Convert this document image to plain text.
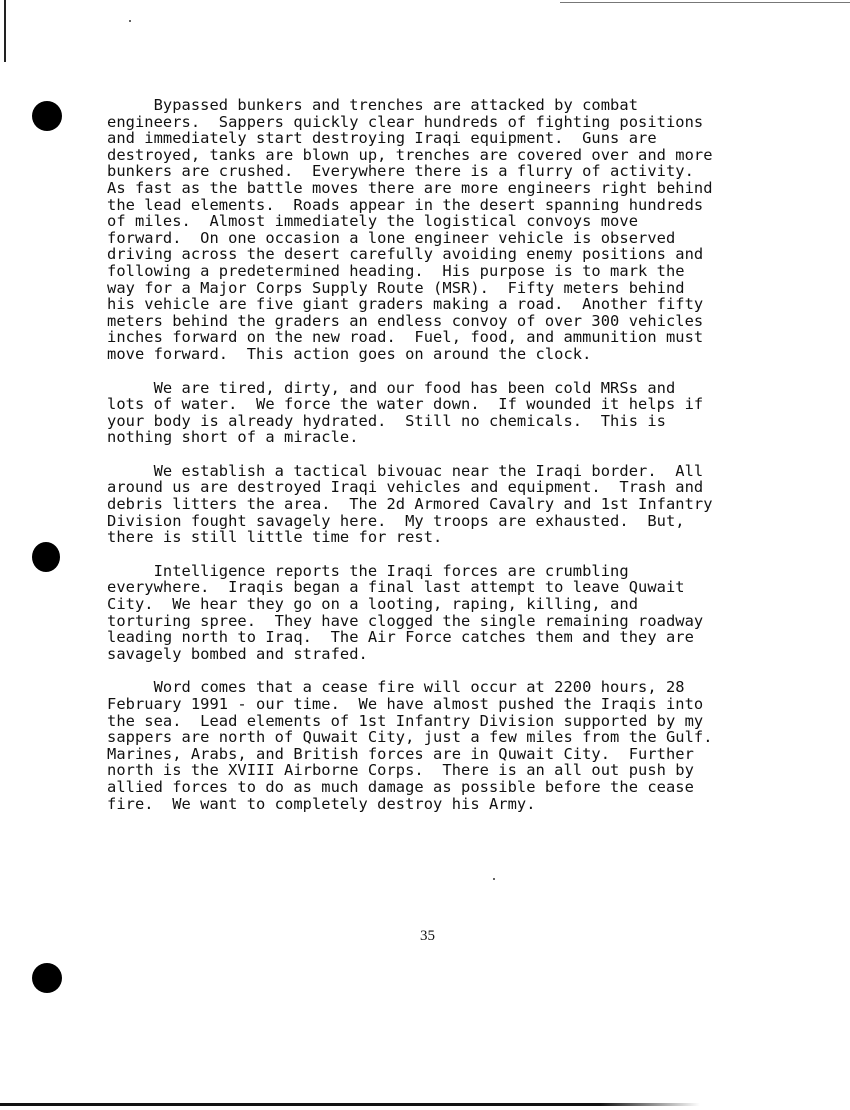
Bypassed bunkers and trenches are attacked by combat
engineers.  Sappers quickly clear hundreds of fighting positions
and immediately start destroying Iraqi equipment.  Guns are
destroyed, tanks are blown up, trenches are covered over and more
bunkers are crushed.  Everywhere there is a flurry of activity.
As fast as the battle moves there are more engineers right behind
the lead elements.  Roads appear in the desert spanning hundreds
of miles.  Almost immediately the logistical convoys move
forward.  On one occasion a lone engineer vehicle is observed
driving across the desert carefully avoiding enemy positions and
following a predetermined heading.  His purpose is to mark the
way for a Major Corps Supply Route (MSR).  Fifty meters behind
his vehicle are five giant graders making a road.  Another fifty
meters behind the graders an endless convoy of over 300 vehicles
inches forward on the new road.  Fuel, food, and ammunition must
move forward.  This action goes on around the clock.

We are tired, dirty, and our food has been cold MRSs and
lots of water.  We force the water down.  If wounded it helps if
your body is already hydrated.  Still no chemicals.  This is
nothing short of a miracle.

We establish a tactical bivouac near the Iraqi border.  All
around us are destroyed Iraqi vehicles and equipment.  Trash and
debris litters the area.  The 2d Armored Cavalry and 1st Infantry
Division fought savagely here.  My troops are exhausted.  But,
there is still little time for rest.

Intelligence reports the Iraqi forces are crumbling
everywhere.  Iraqis began a final last attempt to leave Quwait
City.  We hear they go on a looting, raping, killing, and
torturing spree.  They have clogged the single remaining roadway
leading north to Iraq.  The Air Force catches them and they are
savagely bombed and strafed.

Word comes that a cease fire will occur at 2200 hours, 28
February 1991 - our time.  We have almost pushed the Iraqis into
the sea.  Lead elements of 1st Infantry Division supported by my
sappers are north of Quwait City, just a few miles from the Gulf.
Marines, Arabs, and British forces are in Quwait City.  Further
north is the XVIII Airborne Corps.  There is an all out push by
allied forces to do as much damage as possible before the cease
fire.  We want to completely destroy his Army.

35
